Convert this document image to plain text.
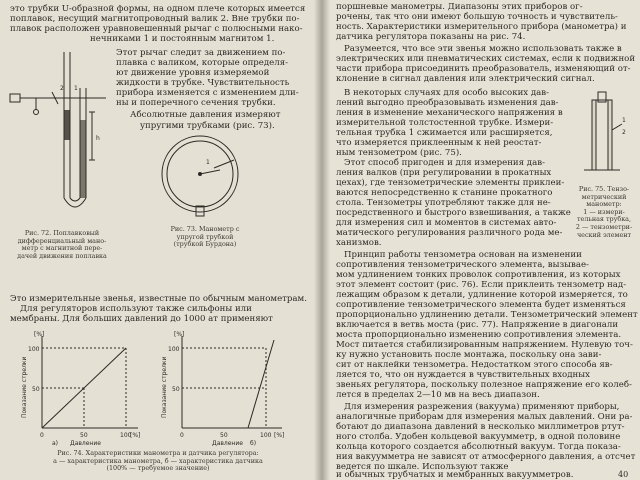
это трубки U-образной формы, на одном плече которых имеется
поплавок, несущий магнитопроводный валик 2. Вне трубки по-
плавок расположен уравновешенный рычаг с полюсными нако-
нечниками 1 и постоянным магнитом 1.
Этот рычаг следит за движением по-
плавка с валиком, которые определя-
ют движение уровня измеряемой
жидкости в трубке. Чувствительность
прибора изменяется с изменением дли-
ны и поперечного сечения трубки.
Абсолютные давления измеряют
упругими трубками (рис. 73).
2 1
h
Рис. 72. Поплавковый
дифференциальный мано-
метр с магнитной пере-
дачей движения поплавка
1
Рис. 73. Манометр с
упругой трубкой
(трубкой Бурдона)
Это измерительные звенья, известные по обычным манометрам.
Для регуляторов используют также сильфоны или
мембраны. Для больших давлений до 1000 ат применяют
Показание стрелки
[%]
100
50
0	50	100
[%]
Давление
а)
Показание стрелки
[%]
100
50
0	50	100 [%]
Давление б)
Рис. 74. Характеристики манометра и датчика регулятора:
а — характеристика манометра, б — характеристика датчика
(100% — требуемое значение)
поршневые манометры. Диапазоны этих приборов ог-
рочены, так что они имеют большую точность и чувствитель-
ность. Характеристики измерительного прибора (манометра) и
датчика регулятора показаны на рис. 74.
Разумеется, что все эти звенья можно использовать также в
электрических или пневматических системах, если к подвижной
части прибора присоединить преобразователь, изменяющий от-
клонение в сигнал давления или электрический сигнал.
В некоторых случаях для особо высоких дав-
лений выгодно преобразовывать изменения дав-
ления в изменение механического напряжения в
измерительной толстостенной трубке. Измери-
тельная трубка 1 сжимается или расширяется,
что измеряется приклеенным к ней реостат-
ным тензометром (рис. 75).
Этот способ пригоден и для измерения дав-
ления валков (при регулировании в прокатных
цехах), где тензометрические элементы приклеи-
ваются непосредственно к станине прокатного
1
2
Рис. 75. Тензо-
метрический
манометр:
1 — измери-
тельная трубка,
2 — тензометри-
ческий элемент
стола. Тензометры употребляют также для не-
посредственного и быстрого взвешивания, а также
для измерения сил и моментов в системах авто-
матического регулирования различного рода ме-
ханизмов.
Принцип работы тензометра основан на изменении
сопротивления тензометрического элемента, вызывае-
мом удлинением тонких проволок сопротивления, из которых
этот элемент состоит (рис. 76). Если приклеить тензометр над-
лежащим образом к детали, удлинение которой измеряется, то
сопротивление тензометрического элемента будет изменяться
пропорционально удлинению детали. Тензометрический элемент
включается в ветвь моста (рис. 77). Напряжение в диагонали
моста пропорционально изменению сопротивления элемента.
Мост питается стабилизированным напряжением. Нулевую точ-
ку нужно установить после монтажа, поскольку она зави-
сит от наклейки тензометра. Недостатком этого способа яв-
ляется то, что он нуждается в чувствительных входных
звеньях регулятора, поскольку полезное напряжение его колеб-
лется в пределах 2—10 мв на весь диапазон.
Для измерения разрежения (вакуума) применяют приборы,
аналогичные приборам для измерения малых давлений. Они ра-
ботают до диапазона давлений в несколько миллиметров ртут-
ного столба. Удобен кольцевой вакуумметр, в одной половине
кольца которого создается абсолютный вакуум. Тогда показа-
ния вакуумметра не зависят от атмосферного давления, а отсчет
ведется по шкале. Используют также
и обычных трубчатых и мембранных вакуумметров.	40
